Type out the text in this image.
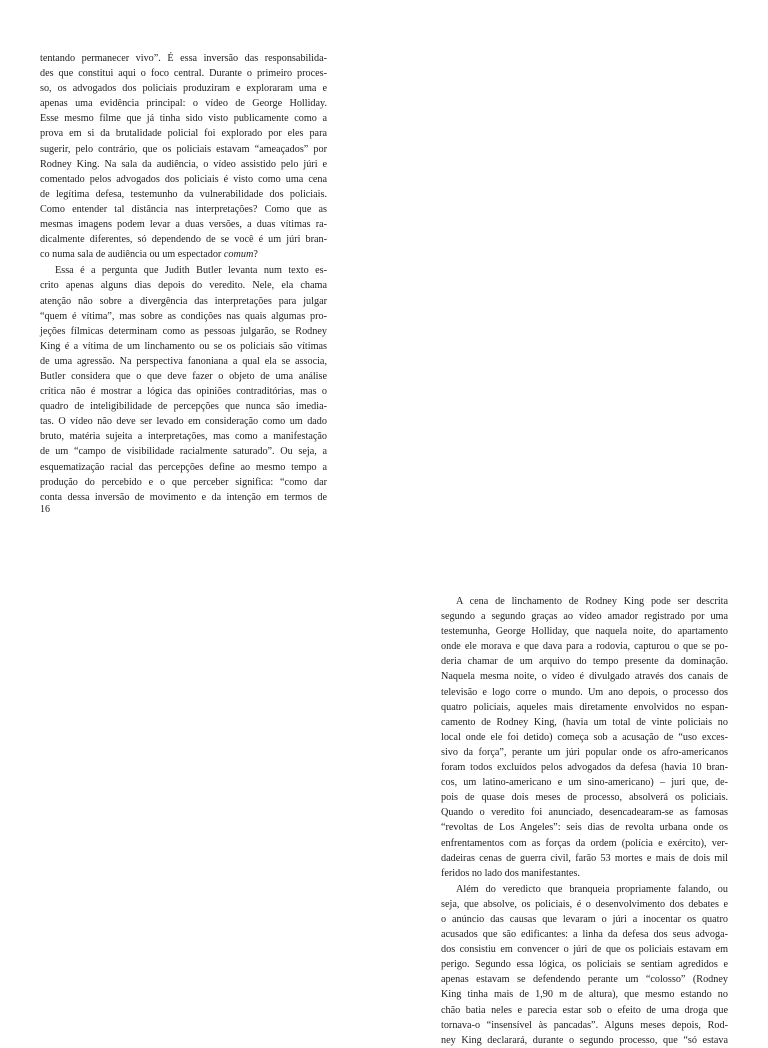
tentando permanecer vivo”. É essa inversão das responsabilida-
des que constitui aqui o foco central. Durante o primeiro proces-
so, os advogados dos policiais produziram e exploraram uma e
apenas uma evidência principal: o vídeo de George Holliday.
Esse mesmo filme que já tinha sido visto publicamente como a
prova em si da brutalidade policial foi explorado por eles para
sugerir, pelo contrário, que os policiais estavam “ameaçados” por
Rodney King. Na sala da audiência, o vídeo assistido pelo júri e
comentado pelos advogados dos policiais é visto como uma cena
de legítima defesa, testemunho da vulnerabilidade dos policiais.
Como entender tal distância nas interpretações? Como que as
mesmas imagens podem levar a duas versões, a duas vítimas ra-
dicalmente diferentes, só dependendo de se você é um júri bran-
co numa sala de audiência ou um espectador comum?
Essa é a pergunta que Judith Butler levanta num texto es-
crito apenas alguns dias depois do veredito. Nele, ela chama
atenção não sobre a divergência das interpretações para julgar
“quem é vítima”, mas sobre as condições nas quais algumas pro-
jeções fílmicas determinam como as pessoas julgarão, se Rodney
King é a vítima de um linchamento ou se os policiais são vítimas
de uma agressão. Na perspectiva fanoniana a qual ela se associa,
Butler considera que o que deve fazer o objeto de uma análise
crítica não é mostrar a lógica das opiniões contraditórias, mas o
quadro de inteligibilidade de percepções que nunca são imedia-
tas. O vídeo não deve ser levado em consideração como um dado
bruto, matéria sujeita a interpretações, mas como a manifestação
de um “campo de visibilidade racialmente saturado”. Ou seja, a
esquematização racial das percepções define ao mesmo tempo a
produção do percebido e o que perceber significa: “como dar
conta dessa inversão de movimento e da intenção em termos de
16
A cena de linchamento de Rodney King pode ser descrita
segundo a segundo graças ao vídeo amador registrado por uma
testemunha, George Holliday, que naquela noite, do apartamento
onde ele morava e que dava para a rodovia, capturou o que se po-
deria chamar de um arquivo do tempo presente da dominação.
Naquela mesma noite, o vídeo é divulgado através dos canais de
televisão e logo corre o mundo. Um ano depois, o processo dos
quatro policiais, aqueles mais diretamente envolvidos no espan-
camento de Rodney King, (havia um total de vinte policiais no
local onde ele foi detido) começa sob a acusação de “uso exces-
sivo da força”, perante um júri popular onde os afro-americanos
foram todos excluídos pelos advogados da defesa (havia 10 bran-
cos, um latino-americano e um sino-americano) – juri que, de-
pois de quase dois meses de processo, absolverá os policiais.
Quando o veredito foi anunciado, desencadearam-se as famosas
“revoltas de Los Angeles”: seis dias de revolta urbana onde os
enfrentamentos com as forças da ordem (polícia e exército), ver-
dadeiras cenas de guerra civil, farão 53 mortes e mais de dois mil
feridos no lado dos manifestantes.
Além do veredicto que branqueia propriamente falando, ou
seja, que absolve, os policiais, é o desenvolvimento dos debates e
o anúncio das causas que levaram o júri a inocentar os quatro
acusados que são edificantes: a linha da defesa dos seus advoga-
dos consistiu em convencer o júri de que os policiais estavam em
perigo. Segundo essa lógica, os policiais se sentiam agredidos e
apenas estavam se defendendo perante um “colosso” (Rodney
King tinha mais de 1,90 m de altura), que mesmo estando no
chão batia neles e parecia estar sob o efeito de uma droga que
tornava-o “insensível às pancadas”. Alguns meses depois, Rod-
ney King declarará, durante o segundo processo, que “só estava
